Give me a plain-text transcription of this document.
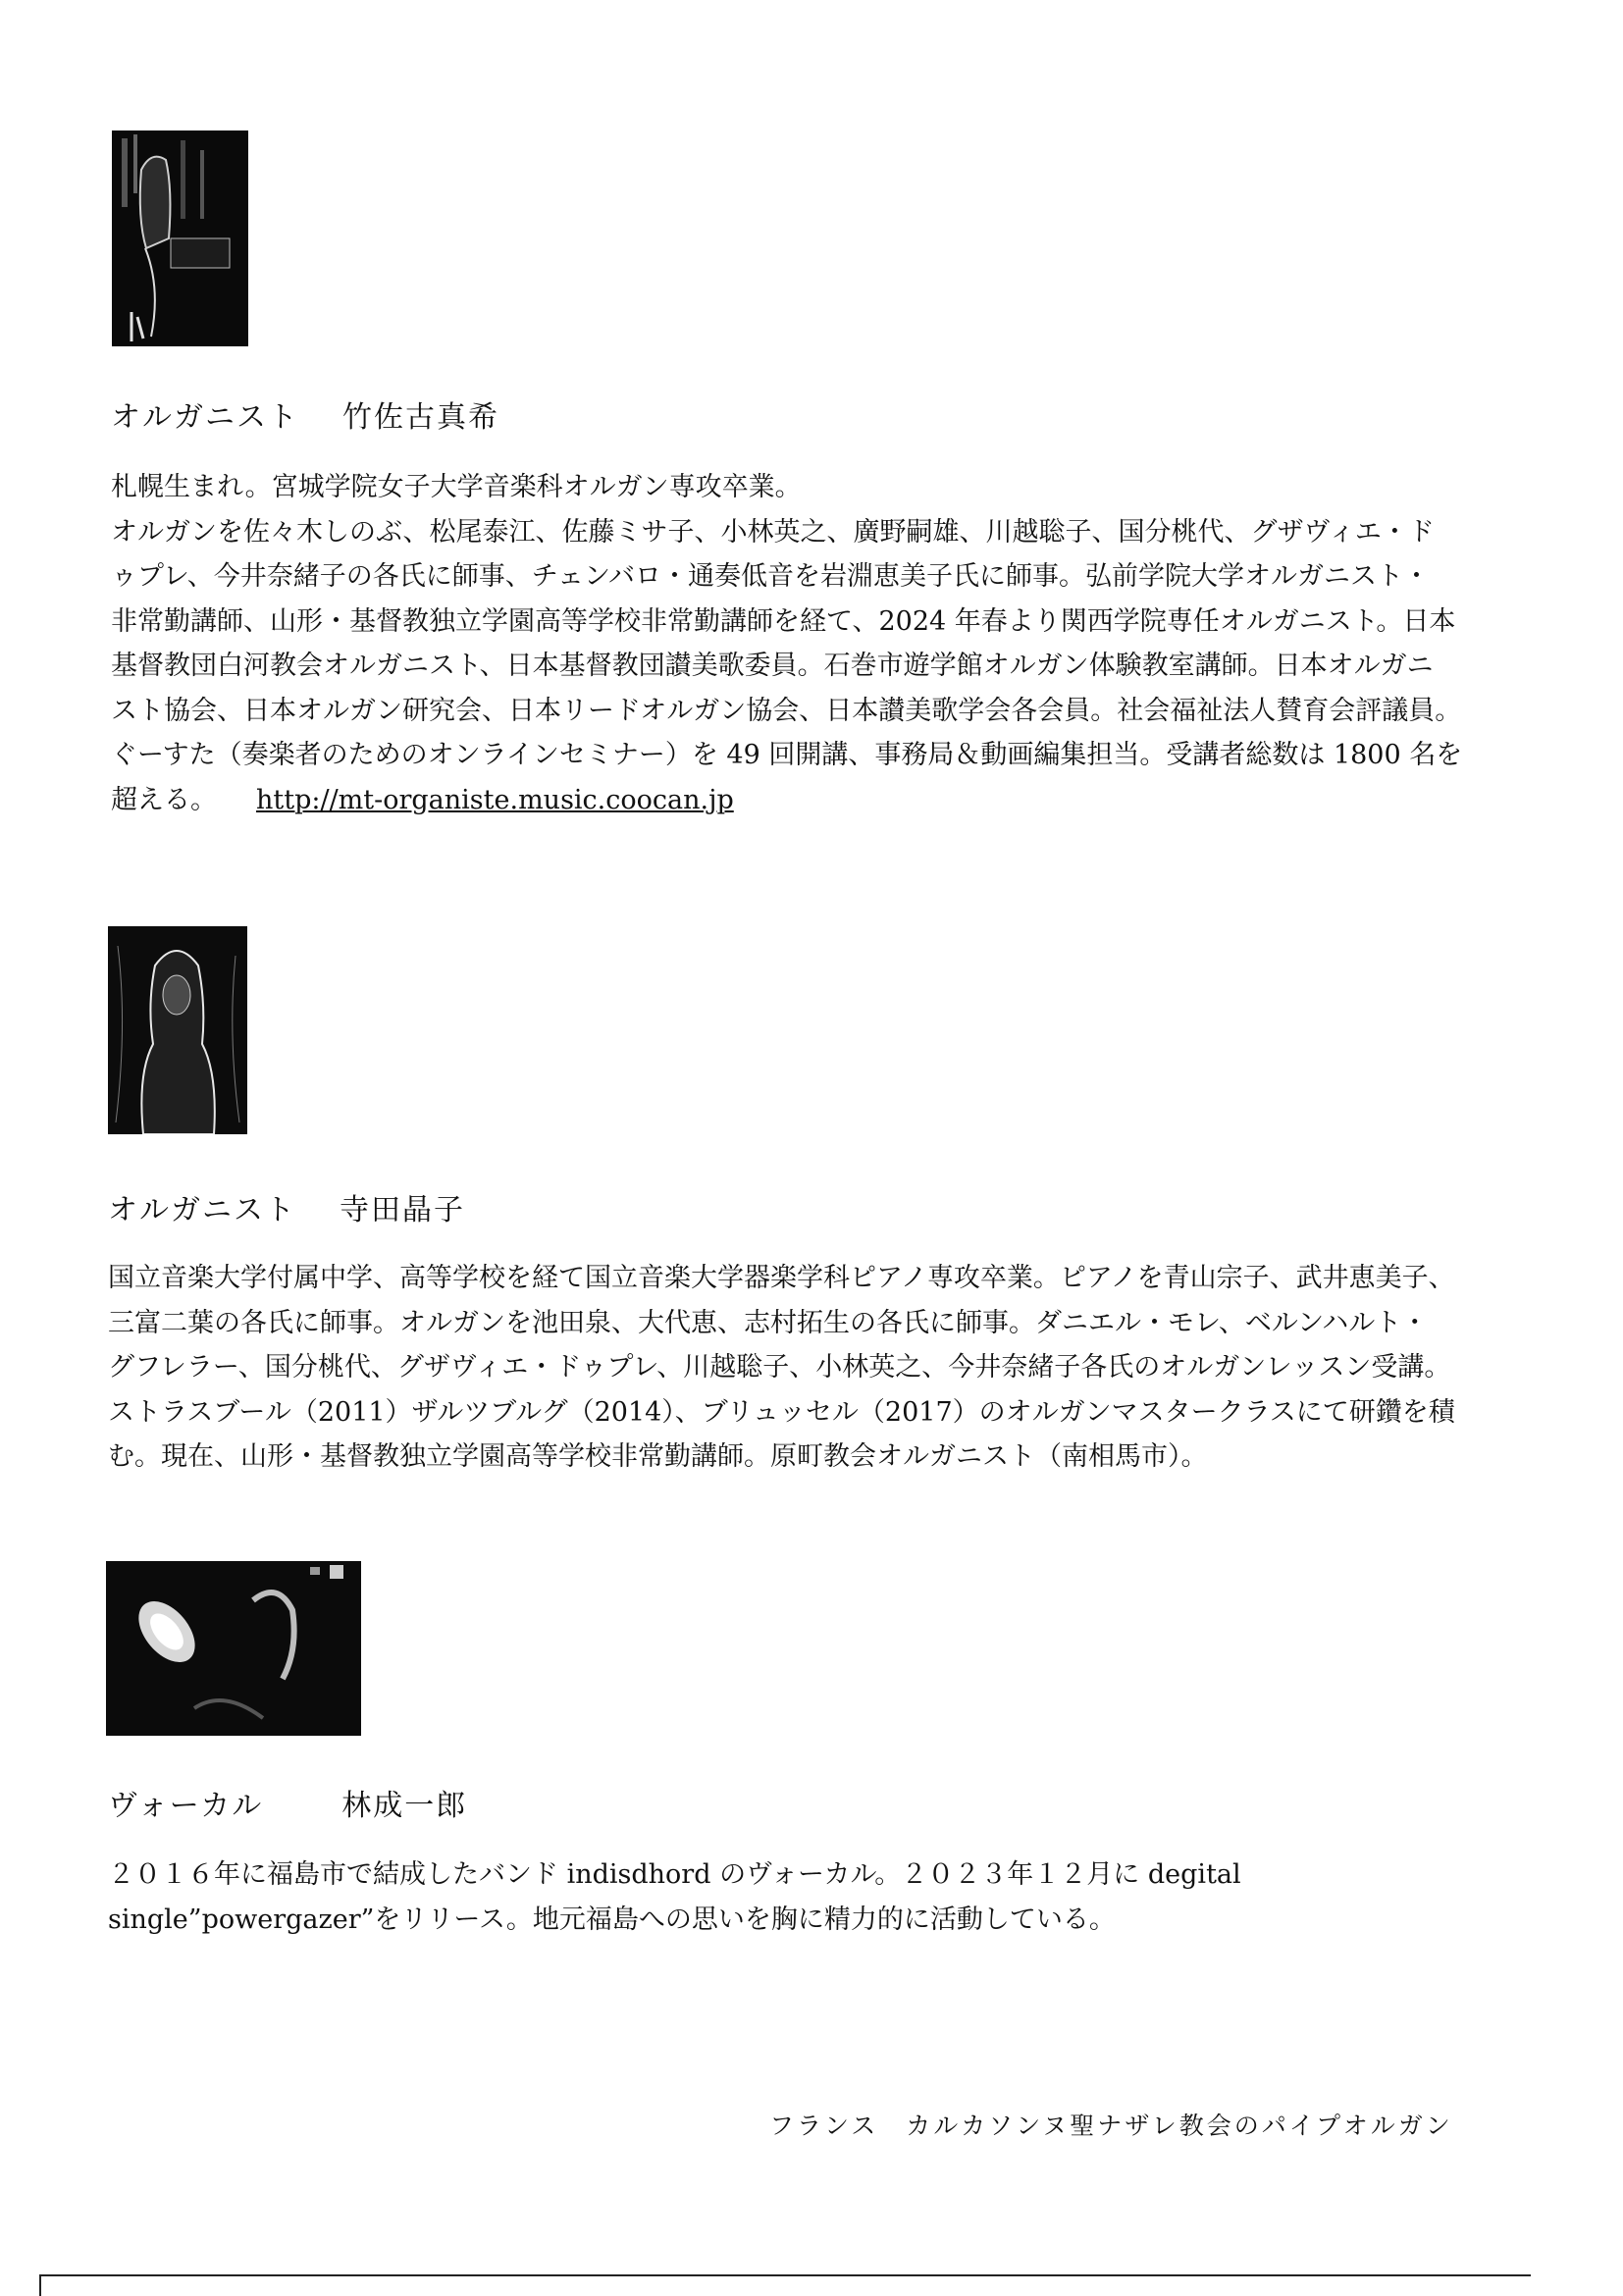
オルガニスト 竹佐古真希
札幌生まれ。宮城学院女子大学音楽科オルガン専攻卒業。
オルガンを佐々木しのぶ、松尾泰江、佐藤ミサ子、小林英之、廣野嗣雄、川越聡子、国分桃代、グザヴィエ・ド
ゥプレ、今井奈緒子の各氏に師事、チェンバロ・通奏低音を岩淵恵美子氏に師事。弘前学院大学オルガニスト・
非常勤講師、山形・基督教独立学園高等学校非常勤講師を経て、2024 年春より関西学院専任オルガニスト。日本
基督教団白河教会オルガニスト、日本基督教団讃美歌委員。石巻市遊学館オルガン体験教室講師。日本オルガニ
スト協会、日本オルガン研究会、日本リードオルガン協会、日本讃美歌学会各会員。社会福祉法人賛育会評議員。
ぐーすた（奏楽者のためのオンラインセミナー）を 49 回開講、事務局＆動画編集担当。受講者総数は 1800 名を
超える。 http://mt-organiste.music.coocan.jp
オルガニスト 寺田晶子
国立音楽大学付属中学、高等学校を経て国立音楽大学器楽学科ピアノ専攻卒業。ピアノを青山宗子、武井恵美子、
三富二葉の各氏に師事。オルガンを池田泉、大代恵、志村拓生の各氏に師事。ダニエル・モレ、ベルンハルト・
グフレラー、国分桃代、グザヴィエ・ドゥプレ、川越聡子、小林英之、今井奈緒子各氏のオルガンレッスン受講。
ストラスブール（2011）ザルツブルグ（2014）、ブリュッセル（2017）のオルガンマスタークラスにて研鑽を積
む。現在、山形・基督教独立学園高等学校非常勤講師。原町教会オルガニスト（南相馬市）。
ヴォーカル	林成一郎
２０１６年に福島市で結成したバンド indisdhord のヴォーカル。２０２３年１２月に degital
single”powergazer”をリリース。地元福島への思いを胸に精力的に活動している。
フランス　カルカソンヌ聖ナザレ教会のパイプオルガン
